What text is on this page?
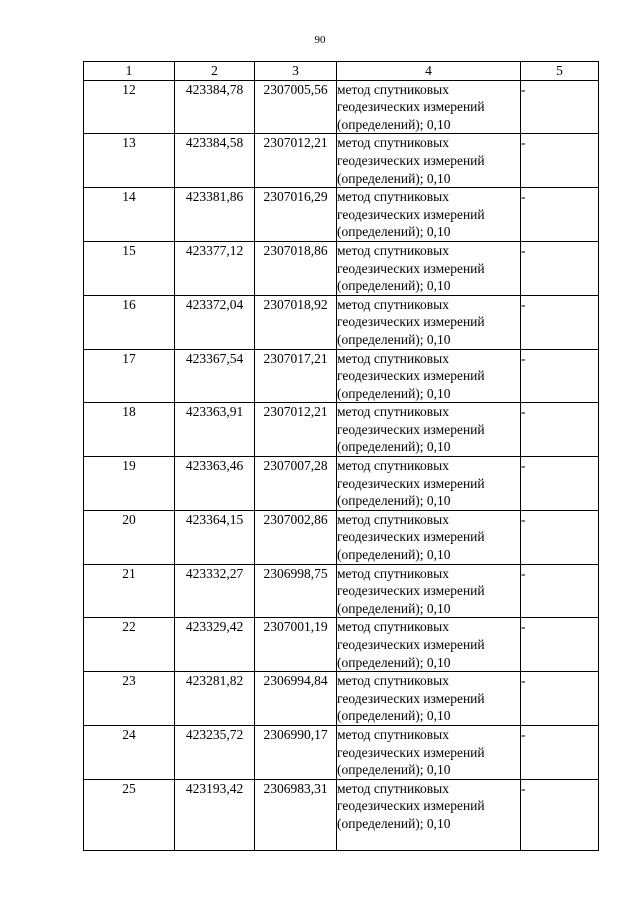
90
1	2	3	4	5
12	423384,78	2307005,56	метод спутниковых геодезических измерений (определений); 0,10	-
13	423384,58	2307012,21	метод спутниковых геодезических измерений (определений); 0,10	-
14	423381,86	2307016,29	метод спутниковых геодезических измерений (определений); 0,10	-
15	423377,12	2307018,86	метод спутниковых геодезических измерений (определений); 0,10	-
16	423372,04	2307018,92	метод спутниковых геодезических измерений (определений); 0,10	-
17	423367,54	2307017,21	метод спутниковых геодезических измерений (определений); 0,10	-
18	423363,91	2307012,21	метод спутниковых геодезических измерений (определений); 0,10	-
19	423363,46	2307007,28	метод спутниковых геодезических измерений (определений); 0,10	-
20	423364,15	2307002,86	метод спутниковых геодезических измерений (определений); 0,10	-
21	423332,27	2306998,75	метод спутниковых геодезических измерений (определений); 0,10	-
22	423329,42	2307001,19	метод спутниковых геодезических измерений (определений); 0,10	-
23	423281,82	2306994,84	метод спутниковых геодезических измерений (определений); 0,10	-
24	423235,72	2306990,17	метод спутниковых геодезических измерений (определений); 0,10	-
25	423193,42	2306983,31	метод спутниковых геодезических измерений (определений); 0,10	-
